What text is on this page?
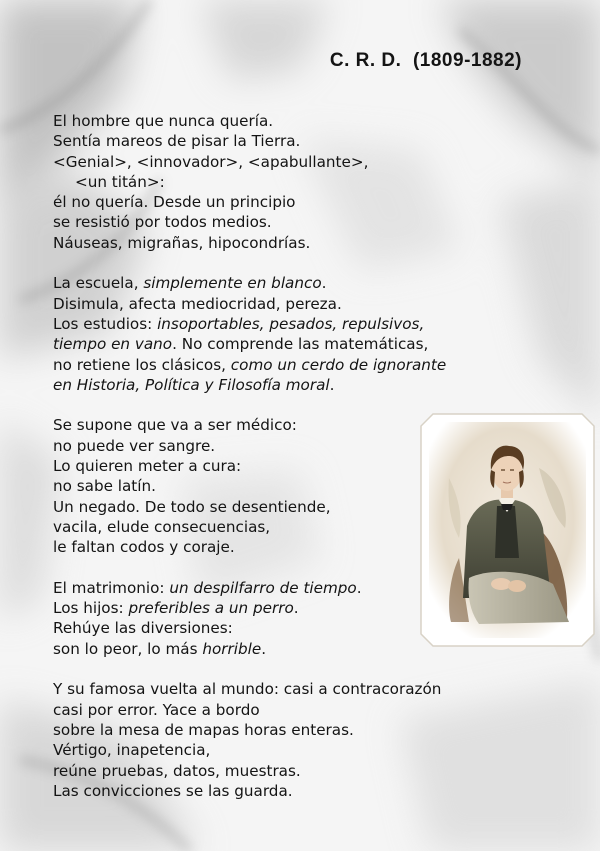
C. R. D.  (1809-1882)
El hombre que nunca quería.
Sentía mareos de pisar la Tierra.
<Genial>, <innovador>, <apabullante>,
<un titán>:
él no quería. Desde un principio
se resistió por todos medios.
Náuseas, migrañas, hipocondrías.
La escuela, simplemente en blanco.
Disimula, afecta mediocridad, pereza.
Los estudios: insoportables, pesados, repulsivos,
tiempo en vano. No comprende las matemáticas,
no retiene los clásicos, como un cerdo de ignorante
en Historia, Política y Filosofía moral.
Se supone que va a ser médico:
no puede ver sangre.
Lo quieren meter a cura:
no sabe latín.
Un negado. De todo se desentiende,
vacila, elude consecuencias,
le faltan codos y coraje.
El matrimonio: un despilfarro de tiempo.
Los hijos: preferibles a un perro.
Rehúye las diversiones:
son lo peor, lo más horrible.
Y su famosa vuelta al mundo: casi a contracorazón
casi por error. Yace a bordo
sobre la mesa de mapas horas enteras.
Vértigo, inapetencia,
reúne pruebas, datos, muestras.
Las convicciones se las guarda.
